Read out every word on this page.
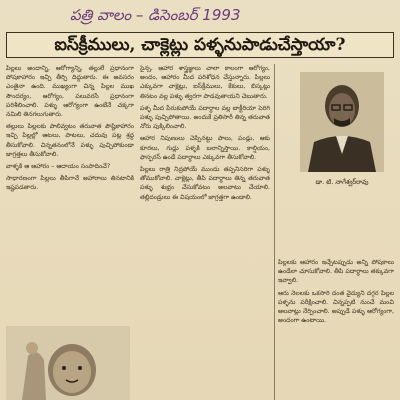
పత్రి వాలం – డిసెంబర్ 1993
ఐస్‌క్రీములు, చాక్లెట్లు పళ్ళనుపాడుచేస్తాయా?

పిల్లలు అందాన్ని, ఆరోగ్యాన్ని, తల్లులే ప్రధానంగా పోషకాహారం ఇచ్చి తీర్చి దిద్దుతారు. ఈ అవసరం ఎంతైనా ఉంది. ముఖ్యంగా చిన్న పిల్లల ముఖ సౌందర్యం, ఆరోగ్యం, పలువరసే ప్రధానంగా పరిశీలించాలి. పళ్ళు ఆరోగ్యంగా ఉంటేనే చక్కగా నమిలి తినగలుగుతారు.

తల్లులు పిల్లలకు పాలివ్వటం తరువాత పౌష్టికాహారం ఇచ్చి పిల్లల్లో ఆటలు, పాటలు, చదువు పట్ల శ్రద్ధ తీసుకోవాలి. చిన్నతనంలోనే పళ్ళు పుచ్చిపోకుండా జాగ్రత్తలు తీసుకోవాలి.

వాళ్ళకి ఆ ఆహారం – ఆదాయం సంపాదించే?

సాధారణంగా పిల్లలు తీపిగానే అహారాలు తినటానికి ఇష్టపడతారు.

సైన్స, ఆహార శాస్త్రజ్ఞులు చాలా కాలంగా ఆరోగ్యం, అందం, ఆహారం మీద పరిశోధన చేస్తున్నారు. పిల్లలు ఎక్కువగా చాక్లెట్లు, ఐస్‌క్రీములు, కేకులు, బిస్కట్లు తినటం వల్ల పళ్ళు త్వరగా పాడవుతాయని చెబుతారు.

పళ్ళ మీద పేరుకుపోయే పదార్థాల వల్ల బాక్టీరియా పెరిగి పళ్ళు పుచ్చిపోతాయి. అందుకే ప్రతిసారీ తిన్న తరువాత నోరు పుక్కిలించాలి.

ఆహార నిపుణులు చెప్పినట్టు పాలు, పండ్లు, ఆకు కూరలు, గుడ్లు పళ్ళకి బలాన్నిస్తాయి. కాల్షియం, ఫాస్ఫరస్ ఉండే పదార్థాలు ఎక్కువగా తీసుకోవాలి.

పిల్లలు రాత్రి నిద్రపోయే ముందు తప్పనిసరిగా పళ్ళు తోముకోవాలి. చాక్లెట్లు, తీపి పదార్థాలు తిన్న తరువాత పళ్ళు శుభ్రం చేసుకోవటం అలవాటు చేయాలి. తల్లిదండ్రులు ఈ విషయంలో జాగ్రత్తగా ఉండాలి.

డా. టి. నాగేశ్వర్‌రావు

పిల్లలకు ఆహారం ఇచ్చేటప్పుడు అన్ని పోషకాలు ఉండేలా చూసుకోవాలి. తీపి పదార్థాలు తక్కువగా ఇవ్వాలి.

ఆరు నెలలకు ఒకసారి దంత వైద్యుని దగ్గర పిల్లల పళ్ళను పరీక్షించాలి. చిన్నప్పటి నుంచే మంచి అలవాట్లు నేర్పించాలి. అప్పుడే పళ్ళు ఆరోగ్యంగా, అందంగా ఉంటాయి.
